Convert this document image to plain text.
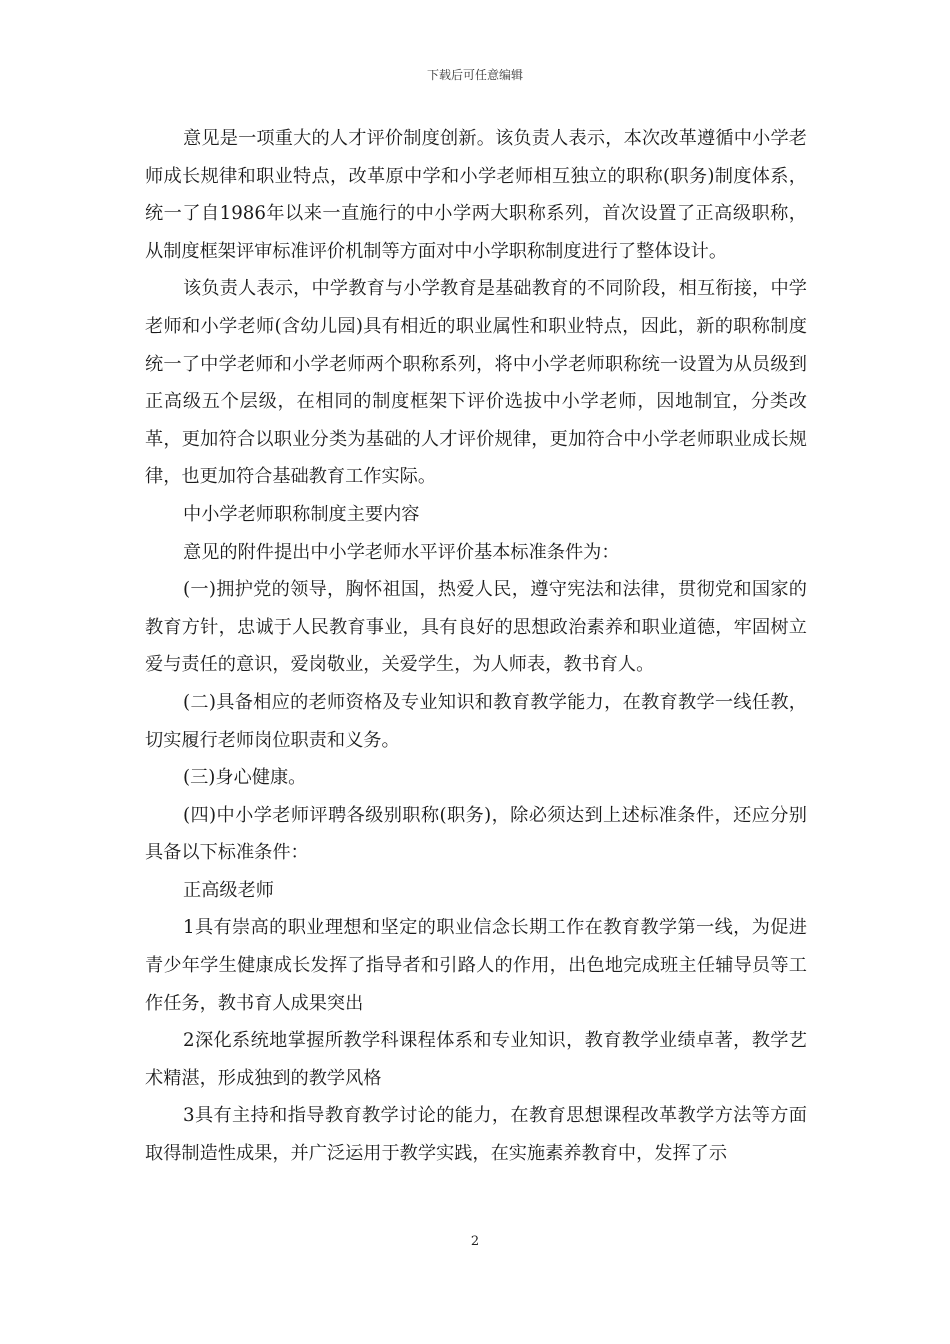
下载后可任意编辑

意见是一项重大的人才评价制度创新。该负责人表示，本次改革遵循中小学老师成长规律和职业特点，改革原中学和小学老师相互独立的职称(职务)制度体系，统一了自1986年以来一直施行的中小学两大职称系列，首次设置了正高级职称，从制度框架评审标准评价机制等方面对中小学职称制度进行了整体设计。

该负责人表示，中学教育与小学教育是基础教育的不同阶段，相互衔接，中学老师和小学老师(含幼儿园)具有相近的职业属性和职业特点，因此，新的职称制度统一了中学老师和小学老师两个职称系列，将中小学老师职称统一设置为从员级到正高级五个层级，在相同的制度框架下评价选拔中小学老师，因地制宜，分类改革，更加符合以职业分类为基础的人才评价规律，更加符合中小学老师职业成长规律，也更加符合基础教育工作实际。

中小学老师职称制度主要内容

意见的附件提出中小学老师水平评价基本标准条件为：

(一)拥护党的领导，胸怀祖国，热爱人民，遵守宪法和法律，贯彻党和国家的教育方针，忠诚于人民教育事业，具有良好的思想政治素养和职业道德，牢固树立爱与责任的意识，爱岗敬业，关爱学生，为人师表，教书育人。

(二)具备相应的老师资格及专业知识和教育教学能力，在教育教学一线任教，切实履行老师岗位职责和义务。

(三)身心健康。

(四)中小学老师评聘各级别职称(职务)，除必须达到上述标准条件，还应分别具备以下标准条件：

正高级老师

1具有崇高的职业理想和坚定的职业信念长期工作在教育教学第一线，为促进青少年学生健康成长发挥了指导者和引路人的作用，出色地完成班主任辅导员等工作任务，教书育人成果突出

2深化系统地掌握所教学科课程体系和专业知识，教育教学业绩卓著，教学艺术精湛，形成独到的教学风格

3具有主持和指导教育教学讨论的能力，在教育思想课程改革教学方法等方面取得制造性成果，并广泛运用于教学实践，在实施素养教育中，发挥了示

2
